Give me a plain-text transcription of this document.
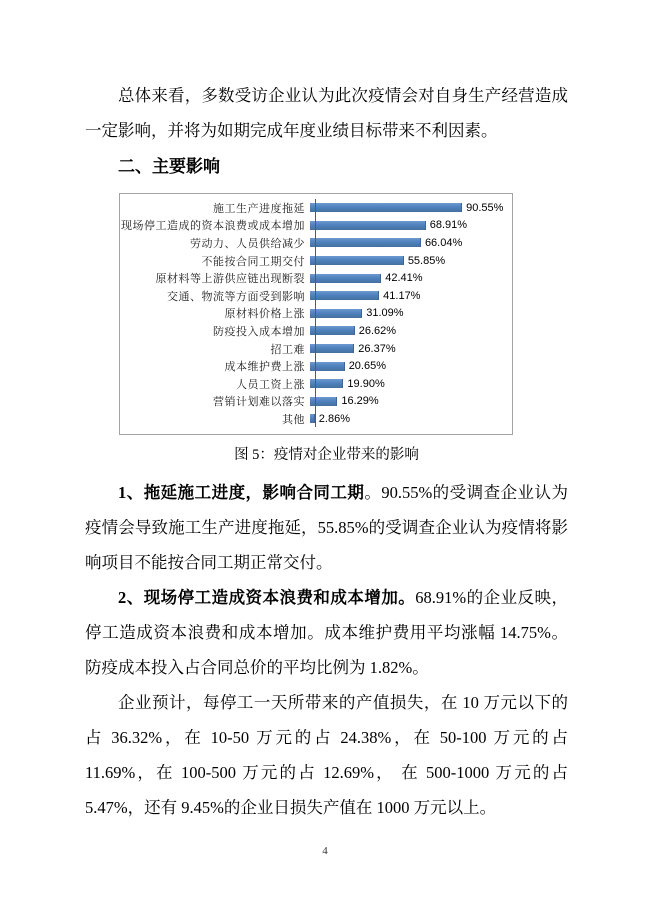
总体来看，多数受访企业认为此次疫情会对自身生产经营造成一定影响，并将为如期完成年度业绩目标带来不利因素。

二、主要影响
施工生产进度拖延	90.55%
现场停工造成的资本浪费或成本增加	68.91%
劳动力、人员供给减少	66.04%
不能按合同工期交付	55.85%
原材料等上游供应链出现断裂	42.41%
交通、物流等方面受到影响	41.17%
原材料价格上涨	31.09%
防疫投入成本增加	26.62%
招工难	26.37%
成本维护费上涨	20.65%
人员工资上涨	19.90%
营销计划难以落实	16.29%
其他	2.86%
图 5：疫情对企业带来的影响

1、拖延施工进度，影响合同工期。90.55%的受调查企业认为疫情会导致施工生产进度拖延，55.85%的受调查企业认为疫情将影响项目不能按合同工期正常交付。

2、现场停工造成资本浪费和成本增加。68.91%的企业反映，停工造成资本浪费和成本增加。成本维护费用平均涨幅 14.75%。防疫成本投入占合同总价的平均比例为 1.82%。

企业预计，每停工一天所带来的产值损失，在 10 万元以下的占 36.32%，在 10-50 万元的占 24.38%，在 50-100 万元的占 11.69%，在 100-500 万元的占 12.69%， 在 500-1000 万元的占 5.47%，还有 9.45%的企业日损失产值在 1000 万元以上。

4
